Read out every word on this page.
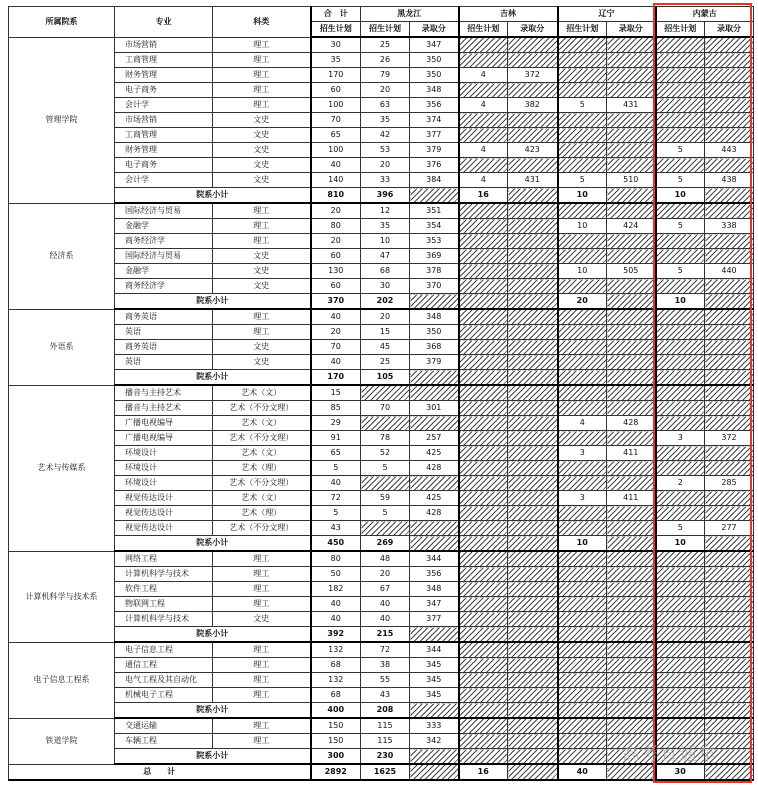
所属院系	专业	科类	合　计	黑龙江		吉林		辽宁		内蒙古	
			招生计划	招生计划	录取分	招生计划	录取分	招生计划	录取分	招生计划	录取分
管理学院	市场营销	理工	30	25	347						
	工商管理	理工	35	26	350						
	财务管理	理工	170	79	350	4	372				
	电子商务	理工	60	20	348						
	会计学	理工	100	63	356	4	382	5	431		
	市场营销	文史	70	35	374						
	工商管理	文史	65	42	377						
	财务管理	文史	100	53	379	4	423			5	443
	电子商务	文史	40	20	376						
	会计学	文史	140	33	384	4	431	5	510	5	438
	院系小计		810	396		16		10		10	
经济系	国际经济与贸易	理工	20	12	351						
	金融学	理工	80	35	354			10	424	5	338
	商务经济学	理工	20	10	353						
	国际经济与贸易	文史	60	47	369						
	金融学	文史	130	68	378			10	505	5	440
	商务经济学	文史	60	30	370						
	院系小计		370	202				20		10	
外语系	商务英语	理工	40	20	348						
	英语	理工	20	15	350						
	商务英语	文史	70	45	368						
	英语	文史	40	25	379						
	院系小计		170	105							
艺术与传媒系	播音与主持艺术	艺术（文）	15								
	播音与主持艺术	艺术（不分文理）	85	70	301						
	广播电视编导	艺术（文）	29					4	428		
	广播电视编导	艺术（不分文理）	91	78	257					3	372
	环境设计	艺术（文）	65	52	425			3	411		
	环境设计	艺术（理）	5	5	428						
	环境设计	艺术（不分文理）	40							2	285
	视觉传达设计	艺术（文）	72	59	425			3	411		
	视觉传达设计	艺术（理）	5	5	428						
	视觉传达设计	艺术（不分文理）	43							5	277
	院系小计		450	269				10		10	
计算机科学与技术系	网络工程	理工	80	48	344						
	计算机科学与技术	理工	50	20	356						
	软件工程	理工	182	67	348						
	物联网工程	理工	40	40	347						
	计算机科学与技术	文史	40	40	377						
	院系小计		392	215							
电子信息工程系	电子信息工程	理工	132	72	344						
	通信工程	理工	68	38	345						
	电气工程及其自动化	理工	132	55	345						
	机械电子工程	理工	68	43	345						
	院系小计		400	208							
铁道学院	交通运输	理工	150	115	333						
	车辆工程	理工	150	115	342						
	院系小计		300	230							
总　　计			2892	1625		16		40		30	
高考直通车
